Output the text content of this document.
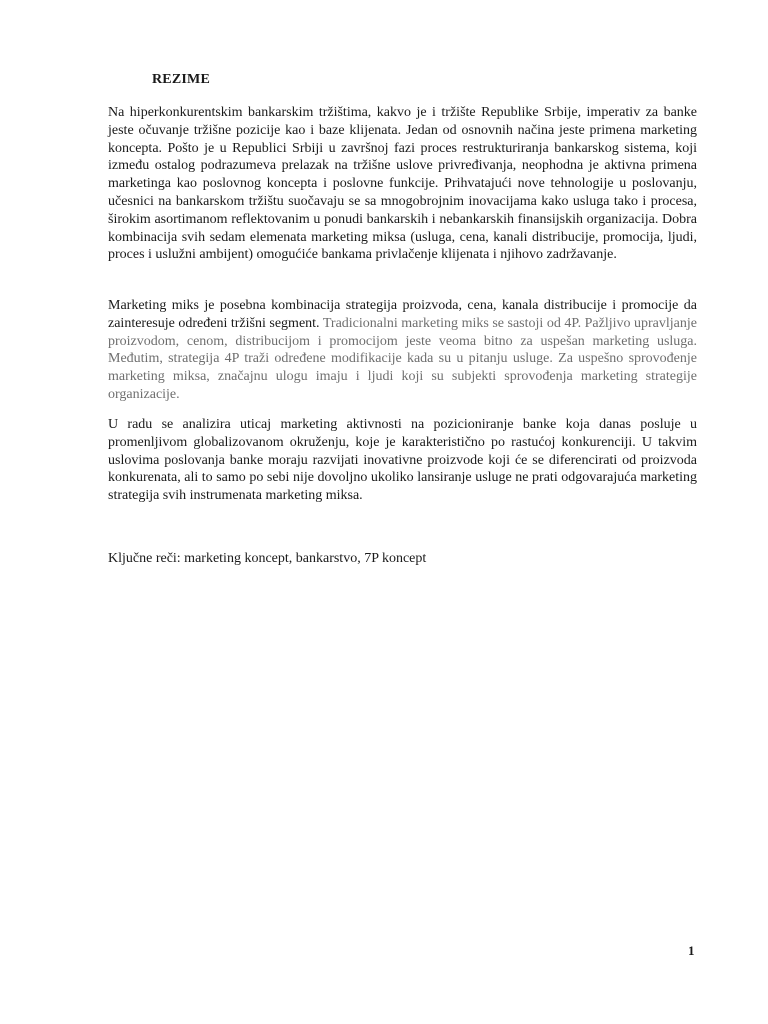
REZIME

Na hiperkonkurentskim bankarskim tržištima, kakvo je i tržište Republike Srbije, imperativ za banke jeste očuvanje tržišne pozicije kao i baze klijenata. Jedan od osnovnih načina jeste primena marketing koncepta. Pošto je u Republici Srbiji u završnoj fazi proces restrukturiranja bankarskog sistema, koji između ostalog podrazumeva prelazak na tržišne uslove privređivanja, neophodna je aktivna primena marketinga kao poslovnog koncepta i poslovne funkcije. Prihvatajući nove tehnologije u poslovanju, učesnici na bankarskom tržištu suočavaju se sa mnogobrojnim inovacijama kako usluga tako i procesa, širokim asortimanom reflektovanim u ponudi bankarskih i nebankarskih finansijskih organizacija. Dobra kombinacija svih sedam elemenata marketing miksa (usluga, cena, kanali distribucije, promocija, ljudi, proces i uslužni ambijent) omogućiće bankama privlačenje klijenata i njihovo zadržavanje.

Marketing miks je posebna kombinacija strategija proizvoda, cena, kanala distribucije i promocije da zainteresuje određeni tržišni segment. Tradicionalni marketing miks se sastoji od 4P. Pažljivo upravljanje proizvodom, cenom, distribucijom i promocijom jeste veoma bitno za uspešan marketing usluga. Međutim, strategija 4P traži određene modifikacije kada su u pitanju usluge. Za uspešno sprovođenje marketing miksa, značajnu ulogu imaju i ljudi koji su subjekti sprovođenja marketing strategije organizacije.

U radu se analizira uticaj marketing aktivnosti na pozicioniranje banke koja danas posluje u promenljivom globalizovanom okruženju, koje je karakteristično po rastućoj konkurenciji. U takvim uslovima poslovanja banke moraju razvijati inovativne proizvode koji će se diferencirati od proizvoda konkurenata, ali to samo po sebi nije dovoljno ukoliko lansiranje usluge ne prati odgovarajuća marketing strategija svih instrumenata marketing miksa.

Ključne reči: marketing koncept, bankarstvo, 7P koncept

1
